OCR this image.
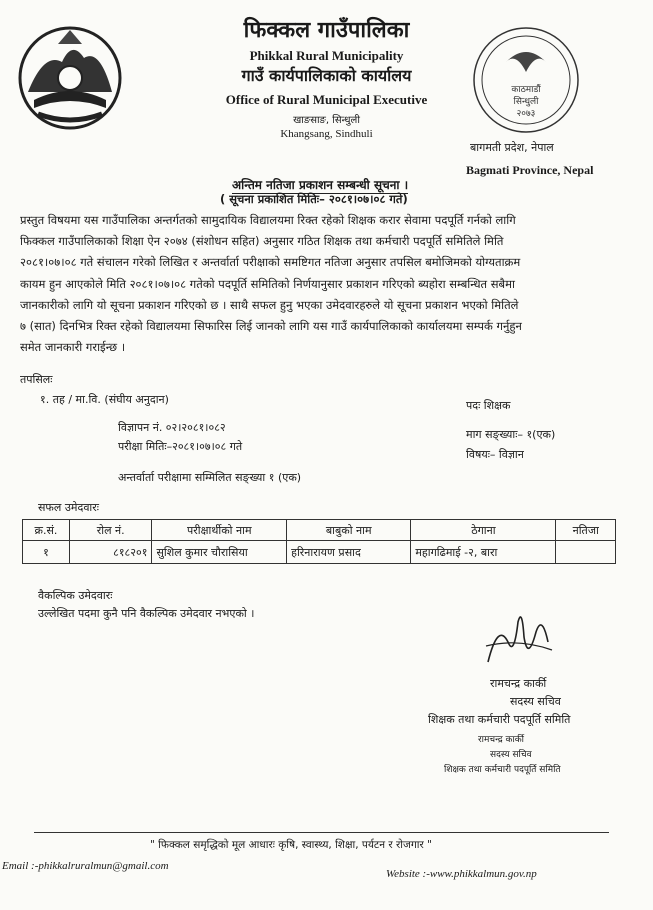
फिक्कल गाउँपालिका
Phikkal Rural Municipality
गाउँ कार्यपालिकाको कार्यालय
Office of Rural Municipal Executive
खाङसाङ, सिन्धुली
Khangsang, Sindhuli
काठमाडौं
सिन्धुली
२०७३
बागमती प्रदेश, नेपाल
Bagmati Province, Nepal
अन्तिम नतिजा प्रकाशन सम्बन्धी सूचना ।
( सूचना प्रकाशित मितिः– २०८१।०७।०८ गते)
प्रस्तुत विषयमा यस गाउँपालिका अन्तर्गतको सामुदायिक विद्यालयमा रिक्त रहेको शिक्षक करार सेवामा पदपूर्ति गर्नको लागि
फिक्कल गाउँपालिकाको शिक्षा ऐन २०७४ (संशोधन सहित) अनुसार गठित शिक्षक तथा कर्मचारी पदपूर्ति समितिले मिति
२०८१।०७।०८ गते संचालन गरेको लिखित र अन्तर्वार्ता परीक्षाको समष्टिगत नतिजा अनुसार तपसिल बमोजिमको योग्यताक्रम
कायम हुन आएकोले मिति २०८१।०७।०८ गतेको पदपूर्ति समितिको निर्णयानुसार प्रकाशन गरिएको ब्यहोरा सम्बन्धित सबैमा
जानकारीको लागि यो सूचना प्रकाशन गरिएको छ । साथै सफल हुनु भएका उमेदवारहरुले यो सूचना प्रकाशन भएको मितिले
७ (सात) दिनभित्र रिक्त रहेको विद्यालयमा सिफारिस लिई जानको लागि यस गाउँ कार्यपालिकाको कार्यालयमा सम्पर्क गर्नुहुन
समेत जानकारी गराईन्छ ।
तपसिलः
१. तह / मा.वि. (संघीय अनुदान)	पदः शिक्षक
विज्ञापन नं. ०२।२०८१।०८२
माग सङ्ख्याः– १(एक)
परीक्षा मितिः–२०८१।०७।०८ गते
विषयः– विज्ञान
अन्तर्वार्ता परीक्षामा सम्मिलित सङ्ख्या १ (एक)
सफल उमेदवारः
क्र.सं.	रोल नं.	परीक्षार्थीको नाम	बाबुको नाम	ठेगाना	नतिजा
१	८१८२०१	सुशिल कुमार चौरासिया	हरिनारायण प्रसाद	महागढिमाई -२, बारा	
वैकल्पिक उमेदवारः
उल्लेखित पदमा कुनै पनि वैकल्पिक उमेदवार नभएको ।
रामचन्द्र कार्की
सदस्य सचिव
शिक्षक तथा कर्मचारी पदपूर्ति समिति
रामचन्द्र कार्की
सदस्य सचिव
शिक्षक तथा कर्मचारी पदपूर्ति समिति
" फिक्कल समृद्धिको मूल आधारः कृषि, स्वास्थ्य, शिक्षा, पर्यटन र रोजगार "
Email :-phikkalruralmun@gmail.com
Website :-www.phikkalmun.gov.np
